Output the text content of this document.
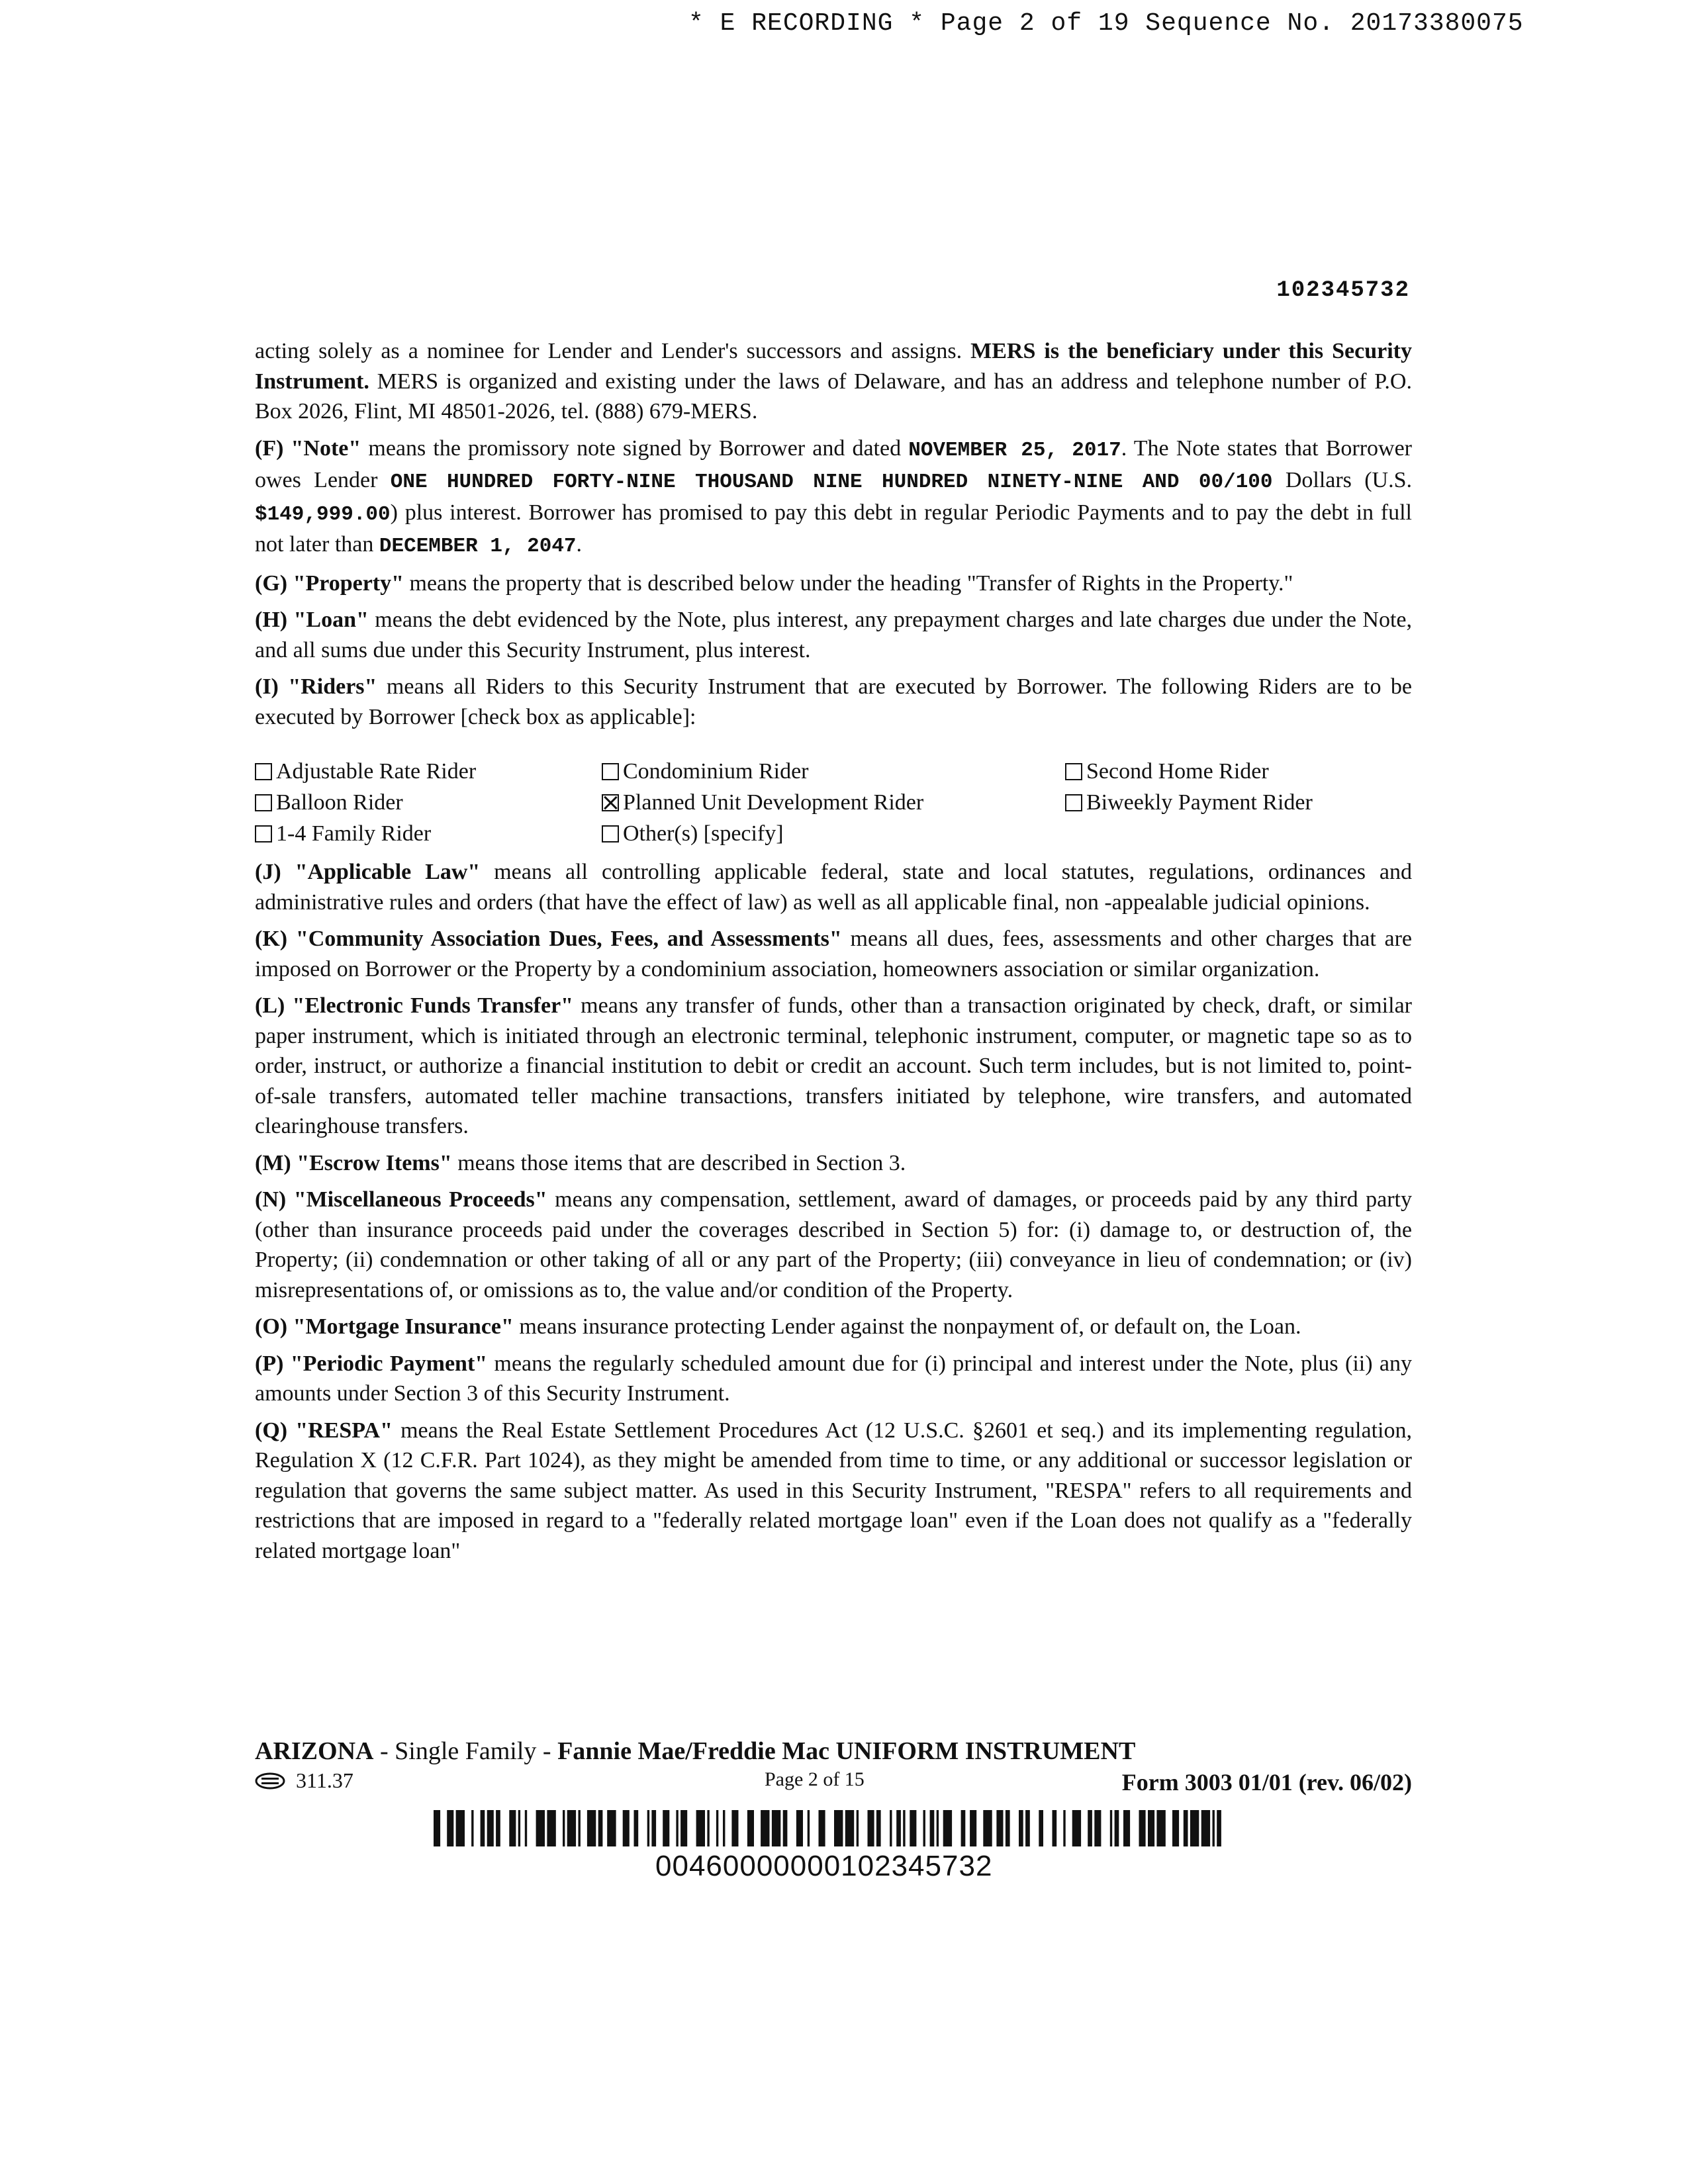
* E RECORDING * Page 2 of 19 Sequence No. 20173380075
102345732

acting solely as a nominee for Lender and Lender's successors and assigns. MERS is the beneficiary under this Security Instrument. MERS is organized and existing under the laws of Delaware, and has an address and telephone number of P.O. Box 2026, Flint, MI 48501-2026, tel. (888) 679-MERS.

(F) "Note" means the promissory note signed by Borrower and dated NOVEMBER 25, 2017. The Note states that Borrower owes Lender ONE HUNDRED FORTY-NINE THOUSAND NINE HUNDRED NINETY-NINE AND 00/100 Dollars (U.S. $149,999.00) plus interest. Borrower has promised to pay this debt in regular Periodic Payments and to pay the debt in full not later than DECEMBER 1, 2047.

(G) "Property" means the property that is described below under the heading "Transfer of Rights in the Property."

(H) "Loan" means the debt evidenced by the Note, plus interest, any prepayment charges and late charges due under the Note, and all sums due under this Security Instrument, plus interest.

(I) "Riders" means all Riders to this Security Instrument that are executed by Borrower. The following Riders are to be executed by Borrower [check box as applicable]:

Adjustable Rate Rider	Condominium Rider	Second Home Rider
Balloon Rider	Planned Unit Development Rider	Biweekly Payment Rider
1-4 Family Rider	Other(s) [specify]

(J) "Applicable Law" means all controlling applicable federal, state and local statutes, regulations, ordinances and administrative rules and orders (that have the effect of law) as well as all applicable final, non -appealable judicial opinions.

(K) "Community Association Dues, Fees, and Assessments" means all dues, fees, assessments and other charges that are imposed on Borrower or the Property by a condominium association, homeowners association or similar organization.

(L) "Electronic Funds Transfer" means any transfer of funds, other than a transaction originated by check, draft, or similar paper instrument, which is initiated through an electronic terminal, telephonic instrument, computer, or magnetic tape so as to order, instruct, or authorize a financial institution to debit or credit an account. Such term includes, but is not limited to, point-of-sale transfers, automated teller machine transactions, transfers initiated by telephone, wire transfers, and automated clearinghouse transfers.

(M) "Escrow Items" means those items that are described in Section 3.

(N) "Miscellaneous Proceeds" means any compensation, settlement, award of damages, or proceeds paid by any third party (other than insurance proceeds paid under the coverages described in Section 5) for: (i) damage to, or destruction of, the Property; (ii) condemnation or other taking of all or any part of the Property; (iii) conveyance in lieu of condemnation; or (iv) misrepresentations of, or omissions as to, the value and/or condition of the Property.

(O) "Mortgage Insurance" means insurance protecting Lender against the nonpayment of, or default on, the Loan.

(P) "Periodic Payment" means the regularly scheduled amount due for (i) principal and interest under the Note, plus (ii) any amounts under Section 3 of this Security Instrument.

(Q) "RESPA" means the Real Estate Settlement Procedures Act (12 U.S.C. §2601 et seq.) and its implementing regulation, Regulation X (12 C.F.R. Part 1024), as they might be amended from time to time, or any additional or successor legislation or regulation that governs the same subject matter. As used in this Security Instrument, "RESPA" refers to all requirements and restrictions that are imposed in regard to a "federally related mortgage loan" even if the Loan does not qualify as a "federally related mortgage loan"

ARIZONA - Single Family - Fannie Mae/Freddie Mac UNIFORM INSTRUMENT
311.37	Page 2 of 15	Form 3003 01/01 (rev. 06/02)
00460000000102345732
